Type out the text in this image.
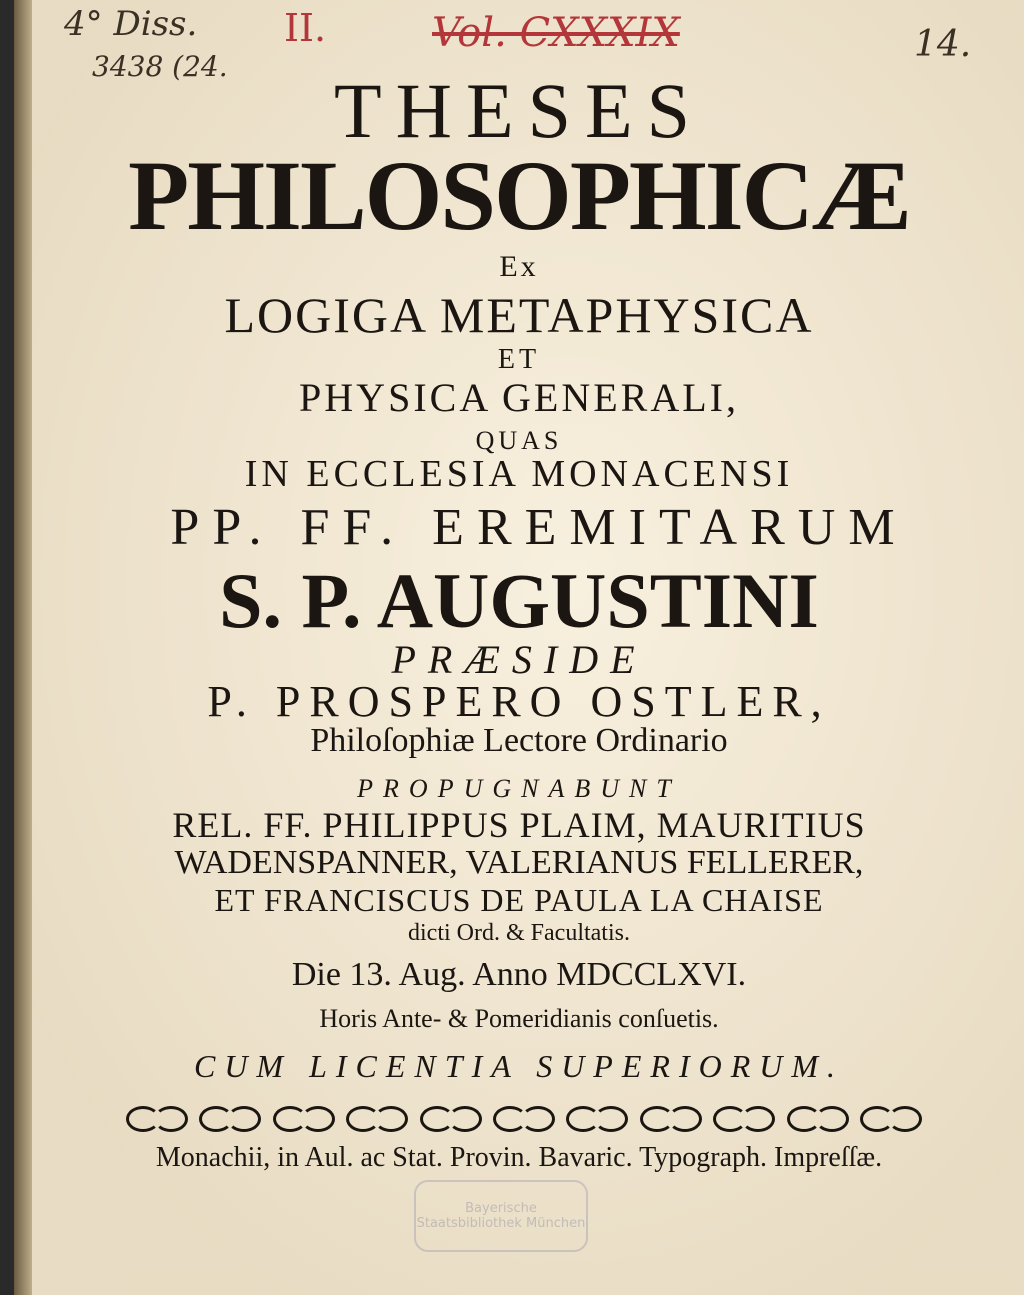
4° Diss.
3438 (24.
II.	Vol. CXXXIX	14.
THESES
PHILOSOPHICÆ
Ex
LOGIGA METAPHYSICA
ET
PHYSICA GENERALI,
QUAS
IN ECCLESIA MONACENSI
PP. FF. EREMITARUM
S. P. AUGUSTINI
PRÆSIDE
P. PROSPERO OSTLER,
Philoſophiæ Lectore Ordinario
PROPUGNABUNT
REL. FF. PHILIPPUS PLAIM, MAURITIUS
WADENSPANNER, VALERIANUS FELLERER,
ET FRANCISCUS DE PAULA LA CHAISE
dicti Ord. & Facultatis.
Die 13. Aug. Anno MDCCLXVI.
Horis Ante- & Pomeridianis conſuetis.
CUM LICENTIA SUPERIORUM.
Monachii, in Aul. ac Stat. Provin. Bavaric. Typograph. Impreſſæ.
Bayerische Staatsbibliothek München
